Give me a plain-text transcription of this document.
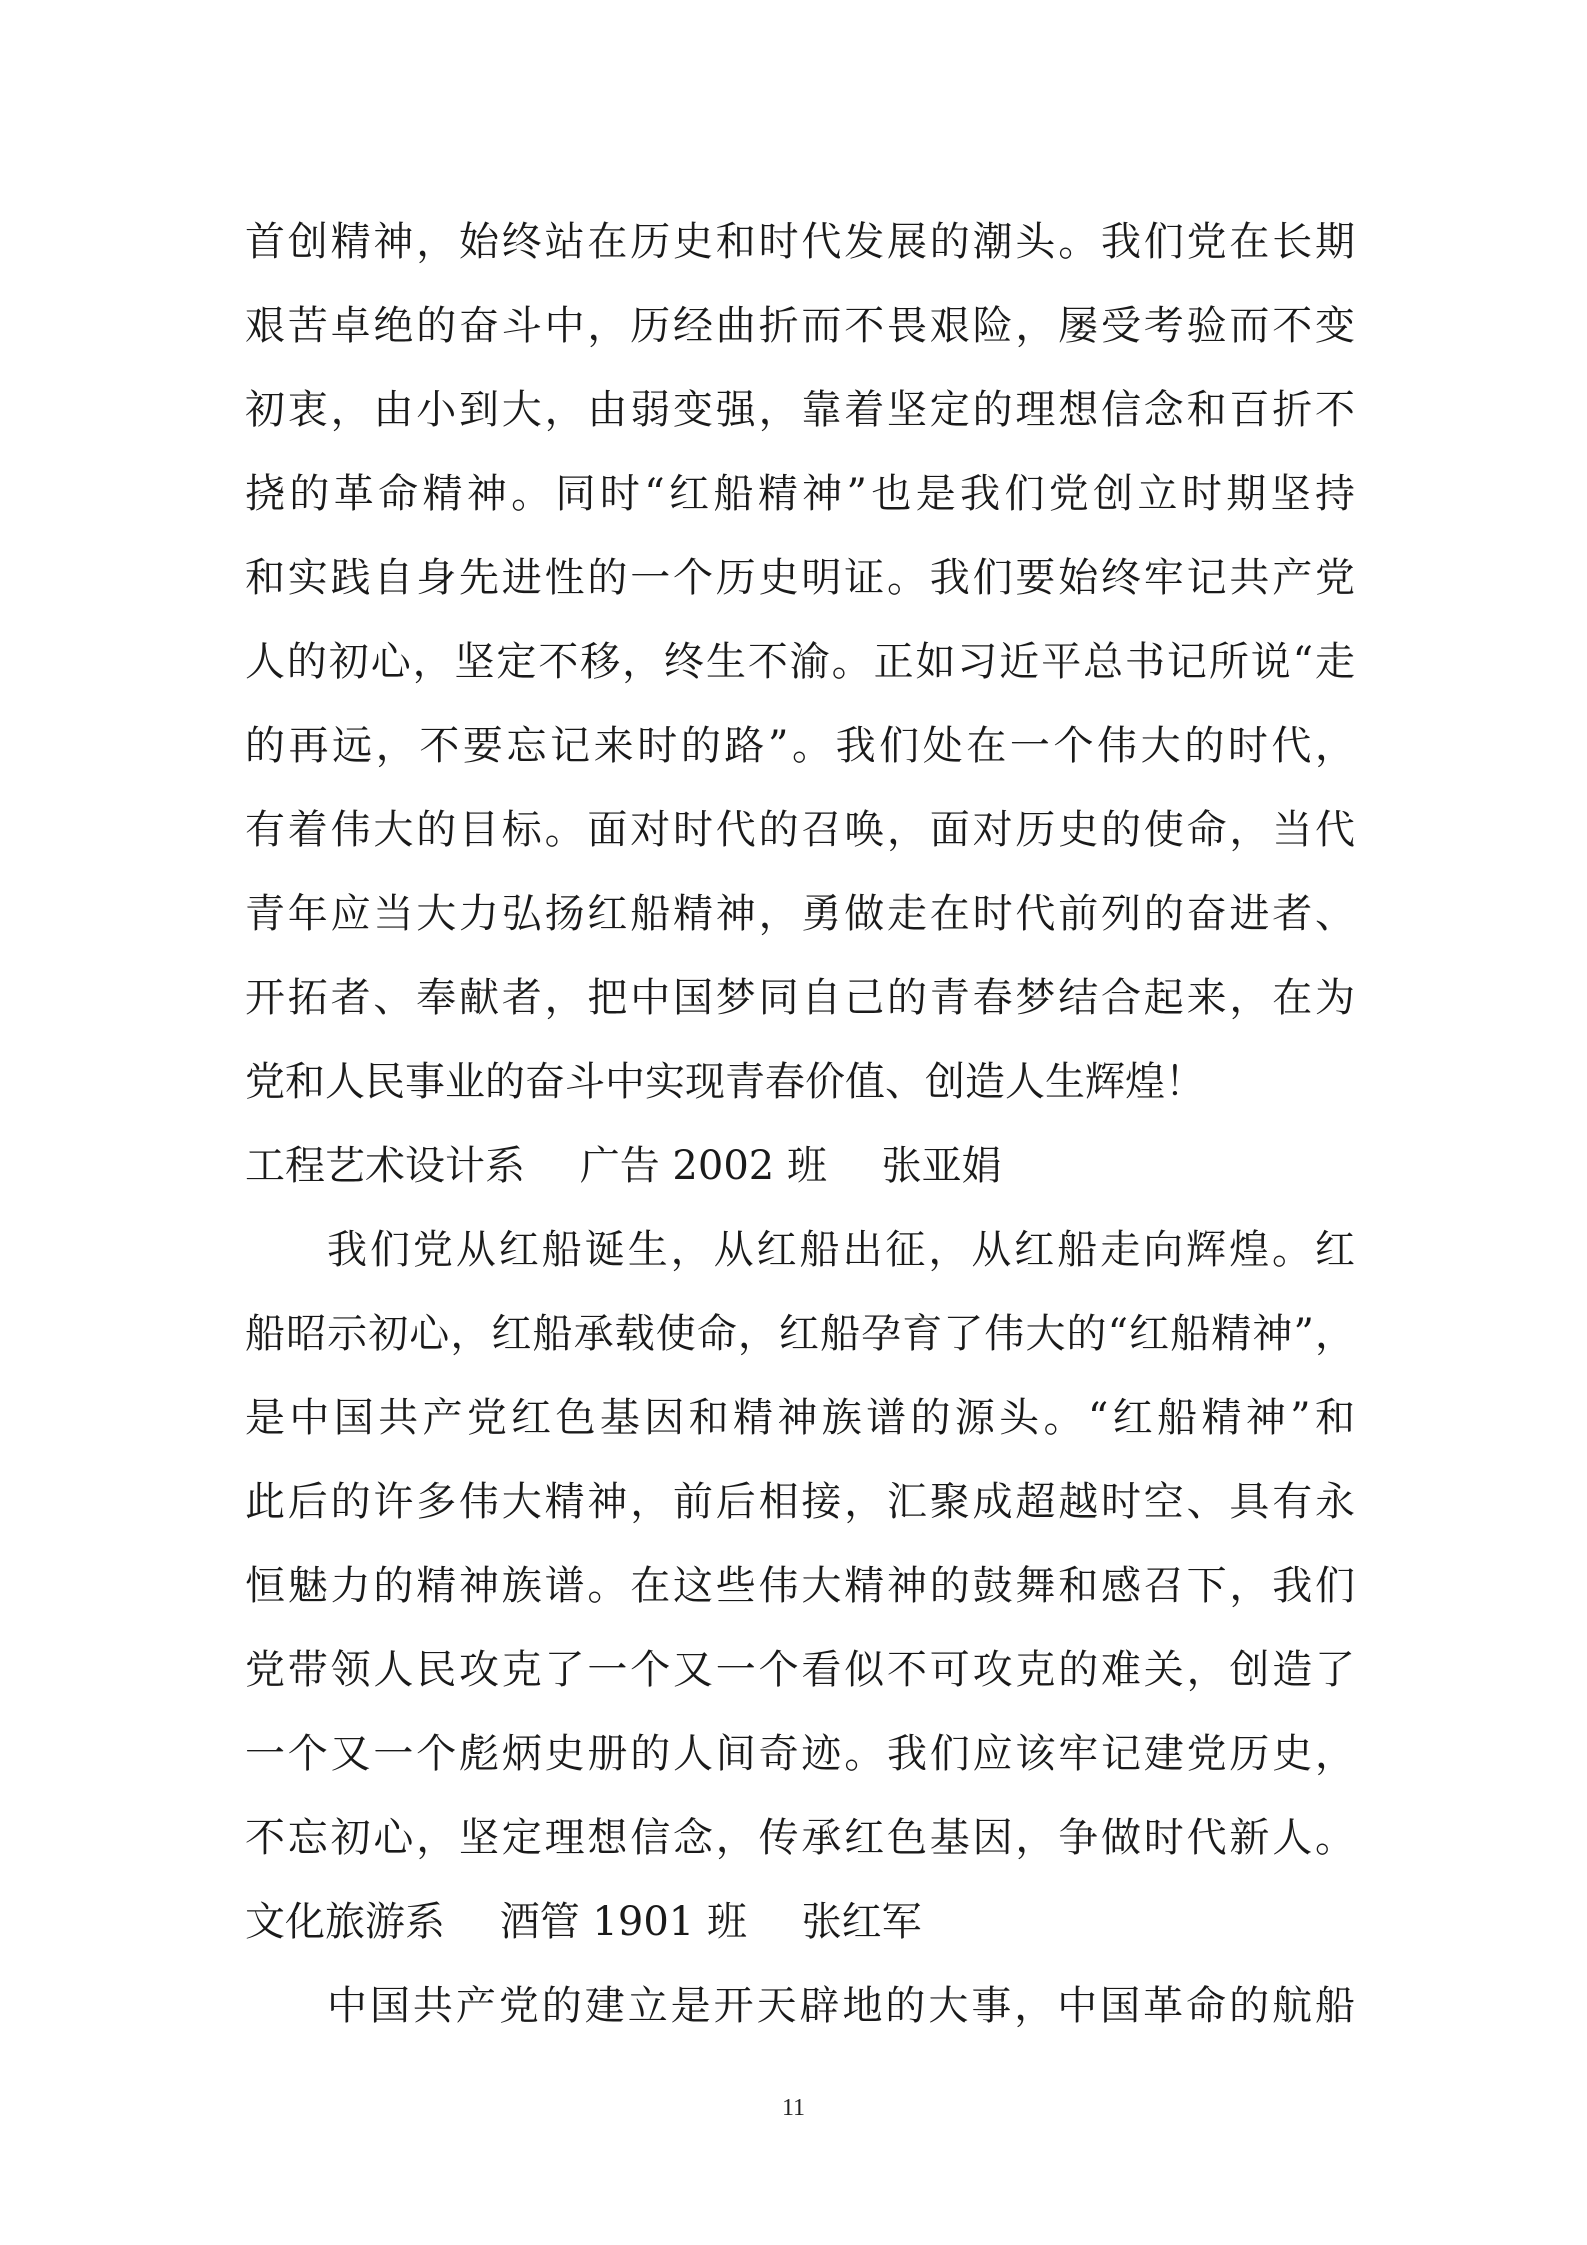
首创精神，始终站在历史和时代发展的潮头。我们党在长期
艰苦卓绝的奋斗中，历经曲折而不畏艰险，屡受考验而不变
初衷，由小到大，由弱变强，靠着坚定的理想信念和百折不
挠的革命精神。同时“红船精神”也是我们党创立时期坚持
和实践自身先进性的一个历史明证。我们要始终牢记共产党
人的初心，坚定不移，终生不渝。正如习近平总书记所说“走
的再远，不要忘记来时的路”。我们处在一个伟大的时代，
有着伟大的目标。面对时代的召唤，面对历史的使命，当代
青年应当大力弘扬红船精神，勇做走在时代前列的奋进者、
开拓者、奉献者，把中国梦同自己的青春梦结合起来，在为
党和人民事业的奋斗中实现青春价值、创造人生辉煌！
工程艺术设计系 广告 2002 班 张亚娟
我们党从红船诞生，从红船出征，从红船走向辉煌。红
船昭示初心，红船承载使命，红船孕育了伟大的“红船精神”，
是中国共产党红色基因和精神族谱的源头。“红船精神”和
此后的许多伟大精神，前后相接，汇聚成超越时空、具有永
恒魅力的精神族谱。在这些伟大精神的鼓舞和感召下，我们
党带领人民攻克了一个又一个看似不可攻克的难关，创造了
一个又一个彪炳史册的人间奇迹。我们应该牢记建党历史，
不忘初心，坚定理想信念，传承红色基因，争做时代新人。
文化旅游系 酒管 1901 班 张红军
中国共产党的建立是开天辟地的大事，中国革命的航船
11
